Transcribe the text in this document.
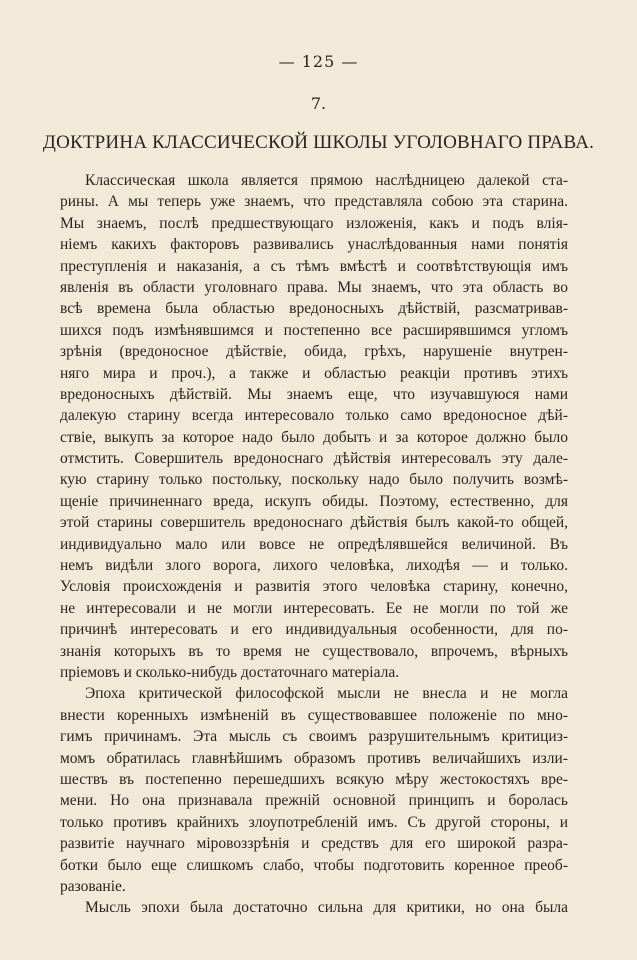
— 125 —
7.
ДОКТРИНА КЛАССИЧЕСКОЙ ШКОЛЫ УГОЛОВНАГО ПРАВА.
Классическая школа является прямою наслѣдницею далекой ста-
рины. А мы теперь уже знаемъ, что представляла собою эта старина.
Мы знаемъ, послѣ предшествующаго изложенія, какъ и подъ влія-
ніемъ какихъ факторовъ развивались унаслѣдованныя нами понятія
преступленія и наказанія, а съ тѣмъ вмѣстѣ и соотвѣтствующія имъ
явленія въ области уголовнаго права. Мы знаемъ, что эта область во
всѣ времена была областью вредоносныхъ дѣйствій, разсматривав-
шихся подъ измѣнявшимся и постепенно все расширявшимся угломъ
зрѣнія (вредоносное дѣйствіе, обида, грѣхъ, нарушеніе внутрен-
няго мира и проч.), а также и областью реакціи противъ этихъ
вредоносныхъ дѣйствій. Мы знаемъ еще, что изучавшуюся нами
далекую старину всегда интересовало только само вредоносное дѣй-
ствіе, выкупъ за которое надо было добыть и за которое должно было
отмстить. Совершитель вредоноснаго дѣйствія интересовалъ эту дале-
кую старину только постольку, поскольку надо было получить возмѣ-
щеніе причиненнаго вреда, искупъ обиды. Поэтому, естественно, для
этой старины совершитель вредоноснаго дѣйствія былъ какой-то общей,
индивидуально мало или вовсе не опредѣлявшейся величиной. Въ
немъ видѣли злого ворога, лихого человѣка, лиходѣя — и только.
Условія происхожденія и развитія этого человѣка старину, конечно,
не интересовали и не могли интересовать. Ее не могли по той же
причинѣ интересовать и его индивидуальныя особенности, для по-
знанія которыхъ въ то время не существовало, впрочемъ, вѣрныхъ
пріемовъ и сколько-нибудь достаточнаго матеріала.
Эпоха критической философской мысли не внесла и не могла
внести коренныхъ измѣненій въ существовавшее положеніе по мно-
гимъ причинамъ. Эта мысль съ своимъ разрушительнымъ критициз-
момъ обратилась главнѣйшимъ образомъ противъ величайшихъ изли-
шествъ въ постепенно перешедшихъ всякую мѣру жестокостяхъ вре-
мени. Но она признавала прежній основной принципъ и боролась
только противъ крайнихъ злоупотребленій имъ. Съ другой стороны, и
развитіе научнаго міровоззрѣнія и средствъ для его широкой разра-
ботки было еще слишкомъ слабо, чтобы подготовить коренное преоб-
разованіе.
Мысль эпохи была достаточно сильна для критики, но она была
